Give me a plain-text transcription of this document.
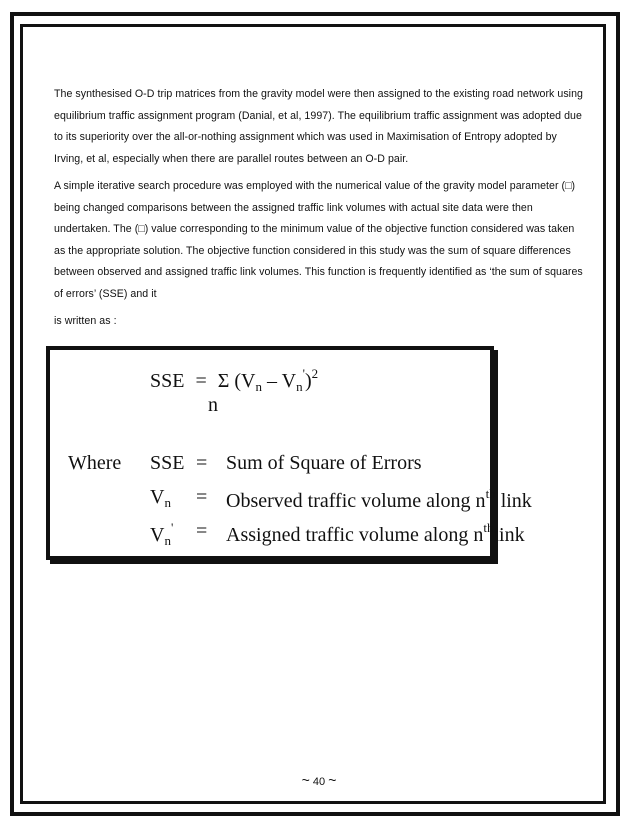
The synthesised O-D trip matrices from the gravity model were then assigned to the existing road network using equilibrium traffic assignment program (Danial, et al, 1997). The equilibrium traffic assignment was adopted due to its superiority over the all-or-nothing assignment which was used in Maximisation of Entropy adopted by Irving, et al, especially when there are parallel routes between an O-D pair.

A simple iterative search procedure was employed with the numerical value of the gravity model parameter (□) being changed comparisons between the assigned traffic link volumes with actual site data were then undertaken. The (□) value corresponding to the minimum value of the objective function considered was taken as the appropriate solution. The objective function considered in this study was the sum of square differences between observed and assigned traffic link volumes. This function is frequently identified as ‘the sum of squares of errors’ (SSE) and it

is written as :

SSE = Σ $(V_n - V_n')^2$
n
Where SSE = Sum of Square of Errors
$V_n$ = Observed traffic volume along $n^{th}$ link
$V_n'$ = Assigned traffic volume along $n^{th}link$
~ 40 ~
